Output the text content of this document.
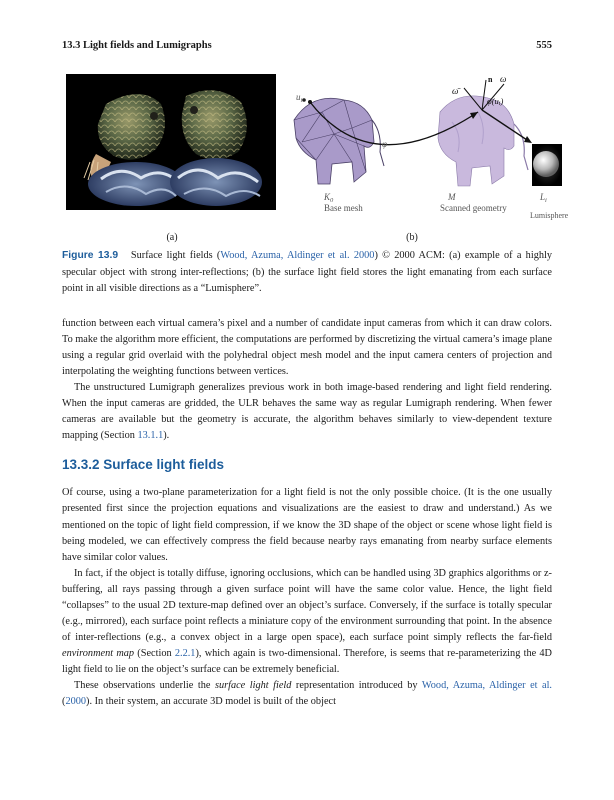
13.3 Light fields and Lumigraphs	555
$u_i$
n
ω̄
ω
φ(ui)
φ
$K_0$
Base mesh
M
Scanned geometry
$L_i$
Lumisphere
(a)	(b)
Figure 13.9 Surface light fields (Wood, Azuma, Aldinger et al. 2000) © 2000 ACM: (a) example of a highly specular object with strong inter-reflections; (b) the surface light field stores the light emanating from each surface point in all visible directions as a “Lumisphere”.

function between each virtual camera’s pixel and a number of candidate input cameras from which it can draw colors. To make the algorithm more efficient, the computations are performed by discretizing the virtual camera’s image plane using a regular grid overlaid with the polyhedral object mesh model and the input camera centers of projection and interpolating the weighting functions between vertices.

The unstructured Lumigraph generalizes previous work in both image-based rendering and light field rendering. When the input cameras are gridded, the ULR behaves the same way as regular Lumigraph rendering. When fewer cameras are available but the geometry is accurate, the algorithm behaves similarly to view-dependent texture mapping (Section 13.1.1).

13.3.2 Surface light fields

Of course, using a two-plane parameterization for a light field is not the only possible choice. (It is the one usually presented first since the projection equations and visualizations are the easiest to draw and understand.) As we mentioned on the topic of light field compression, if we know the 3D shape of the object or scene whose light field is being modeled, we can effectively compress the field because nearby rays emanating from nearby surface elements have similar color values.

In fact, if the object is totally diffuse, ignoring occlusions, which can be handled using 3D graphics algorithms or z-buffering, all rays passing through a given surface point will have the same color value. Hence, the light field “collapses” to the usual 2D texture-map defined over an object’s surface. Conversely, if the surface is totally specular (e.g., mirrored), each surface point reflects a miniature copy of the environment surrounding that point. In the absence of inter-reflections (e.g., a convex object in a large open space), each surface point simply reflects the far-field environment map (Section 2.2.1), which again is two-dimensional. Therefore, is seems that re-parameterizing the 4D light field to lie on the object’s surface can be extremely beneficial.

These observations underlie the surface light field representation introduced by Wood, Azuma, Aldinger et al. (2000). In their system, an accurate 3D model is built of the object
